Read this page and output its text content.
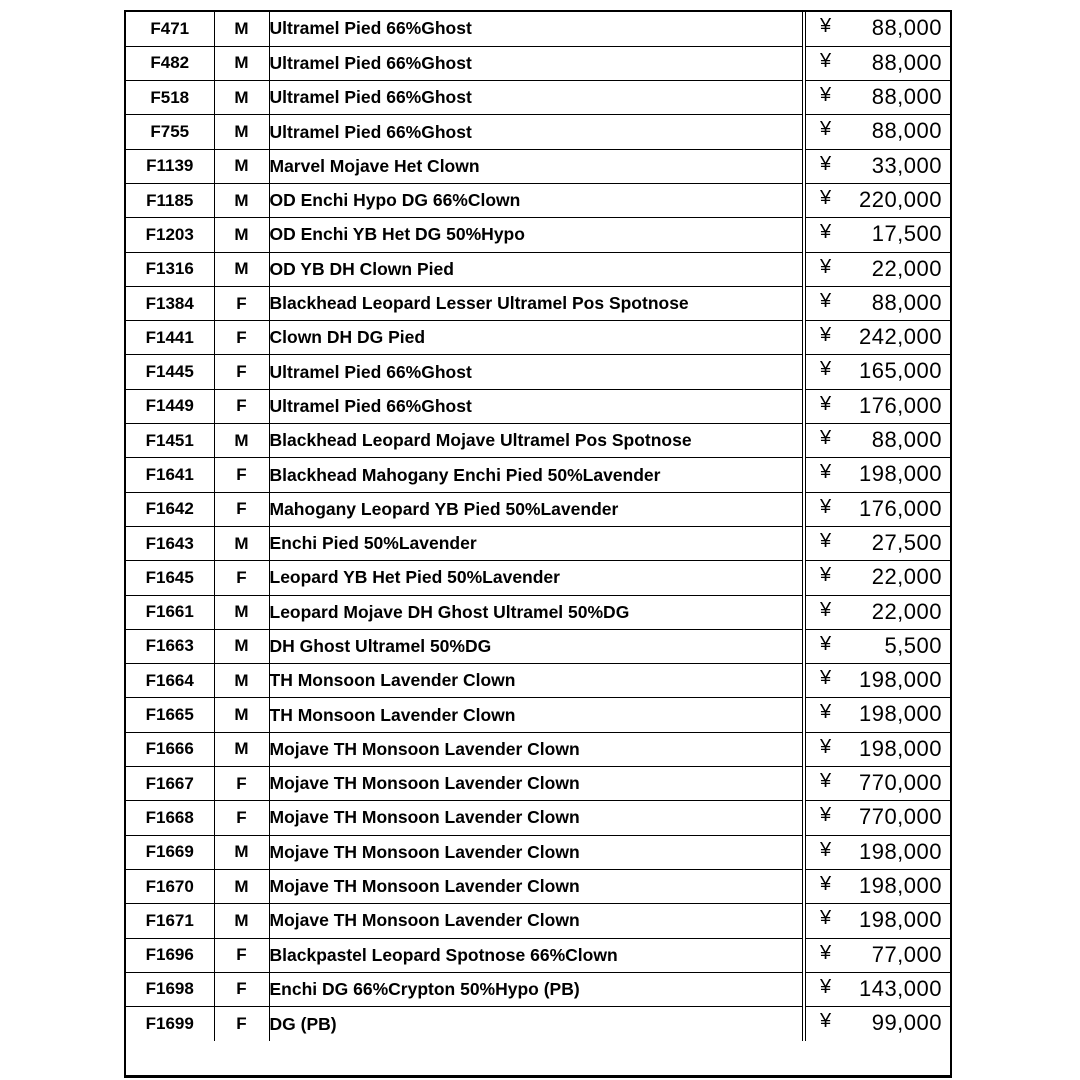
F471	M	Ultramel Pied 66%Ghost	¥ 88,000

F482	M	Ultramel Pied 66%Ghost	¥ 88,000

F518	M	Ultramel Pied 66%Ghost	¥ 88,000

F755	M	Ultramel Pied 66%Ghost	¥ 88,000

F1139	M	Marvel Mojave Het Clown	¥ 33,000

F1185	M	OD Enchi Hypo DG 66%Clown	¥ 220,000

F1203	M	OD Enchi YB Het DG 50%Hypo	¥ 17,500

F1316	M	OD YB DH Clown Pied	¥ 22,000

F1384	F	Blackhead Leopard Lesser Ultramel Pos Spotnose	¥ 88,000

F1441	F	Clown DH DG Pied	¥ 242,000

F1445	F	Ultramel Pied 66%Ghost	¥ 165,000

F1449	F	Ultramel Pied 66%Ghost	¥ 176,000

F1451	M	Blackhead Leopard Mojave Ultramel Pos Spotnose	¥ 88,000

F1641	F	Blackhead Mahogany Enchi Pied 50%Lavender	¥ 198,000

F1642	F	Mahogany Leopard YB Pied 50%Lavender	¥ 176,000

F1643	M	Enchi Pied 50%Lavender	¥ 27,500

F1645	F	Leopard YB Het Pied 50%Lavender	¥ 22,000

F1661	M	Leopard Mojave DH Ghost Ultramel 50%DG	¥ 22,000

F1663	M	DH Ghost Ultramel 50%DG	¥ 5,500

F1664	M	TH Monsoon Lavender Clown	¥ 198,000

F1665	M	TH Monsoon Lavender Clown	¥ 198,000

F1666	M	Mojave TH Monsoon Lavender Clown	¥ 198,000

F1667	F	Mojave TH Monsoon Lavender Clown	¥ 770,000

F1668	F	Mojave TH Monsoon Lavender Clown	¥ 770,000

F1669	M	Mojave TH Monsoon Lavender Clown	¥ 198,000

F1670	M	Mojave TH Monsoon Lavender Clown	¥ 198,000

F1671	M	Mojave TH Monsoon Lavender Clown	¥ 198,000

F1696	F	Blackpastel Leopard Spotnose 66%Clown	¥ 77,000

F1698	F	Enchi DG 66%Crypton 50%Hypo (PB)	¥ 143,000

F1699	F	DG (PB)	¥ 99,000
